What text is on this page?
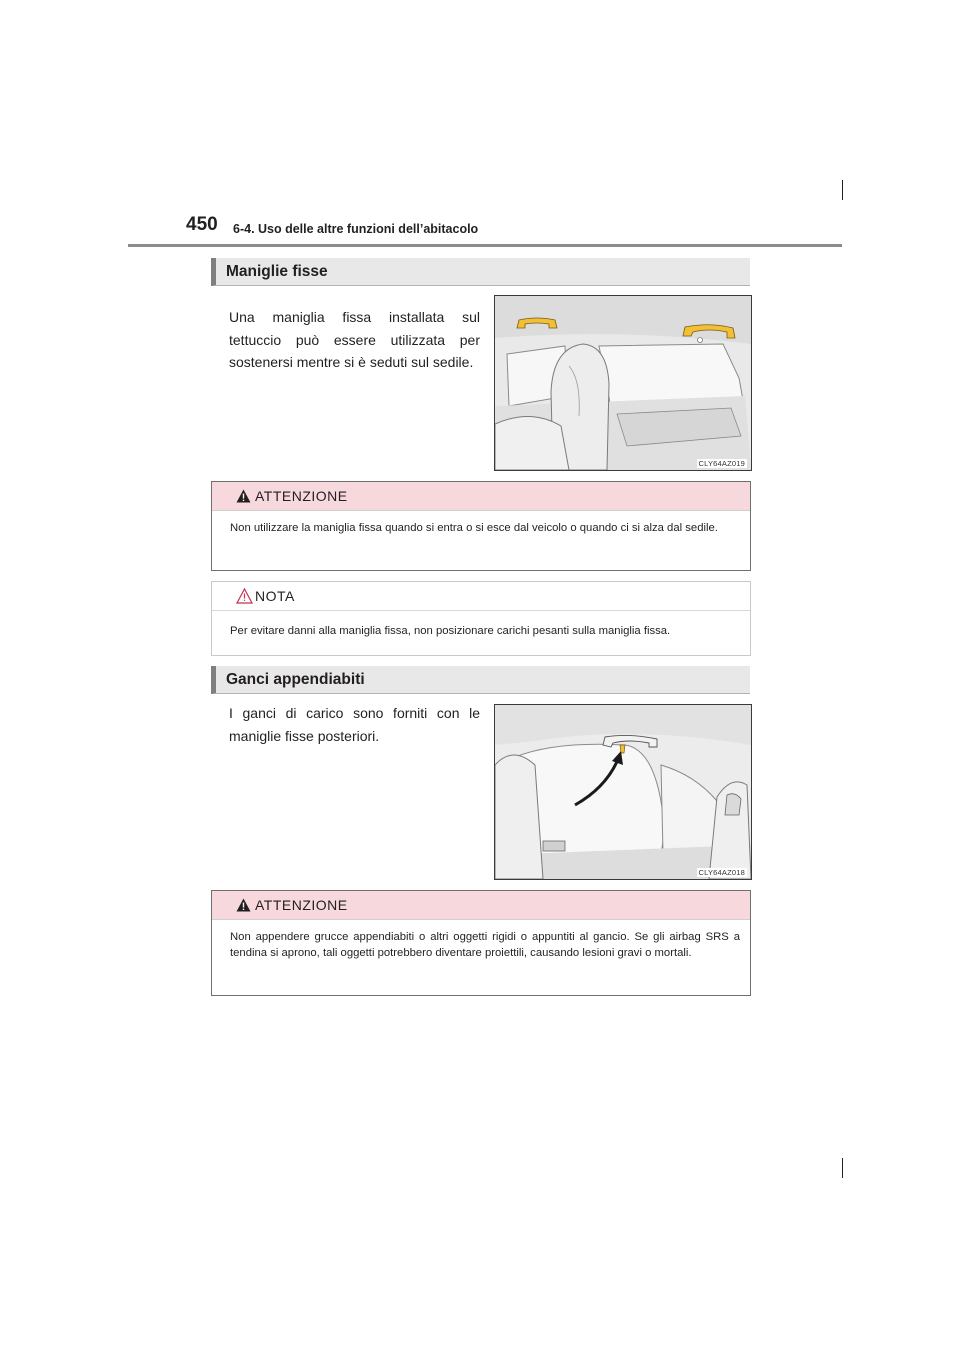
450 6-4. Uso delle altre funzioni dell’abitacolo
Maniglie fisse
Una maniglia fissa installata sul tettuccio può essere utilizzata per sostenersi mentre si è seduti sul sedile.
CLY64AZ019
ATTENZIONE
Non utilizzare la maniglia fissa quando si entra o si esce dal veicolo o quando ci si alza dal sedile.
NOTA
Per evitare danni alla maniglia fissa, non posizionare carichi pesanti sulla maniglia fissa.
Ganci appendiabiti
I ganci di carico sono forniti con le maniglie fisse posteriori.
CLY64AZ018
ATTENZIONE
Non appendere grucce appendiabiti o altri oggetti rigidi o appuntiti al gancio. Se gli airbag SRS a tendina si aprono, tali oggetti potrebbero diventare proiettili, causando lesioni gravi o mortali.
